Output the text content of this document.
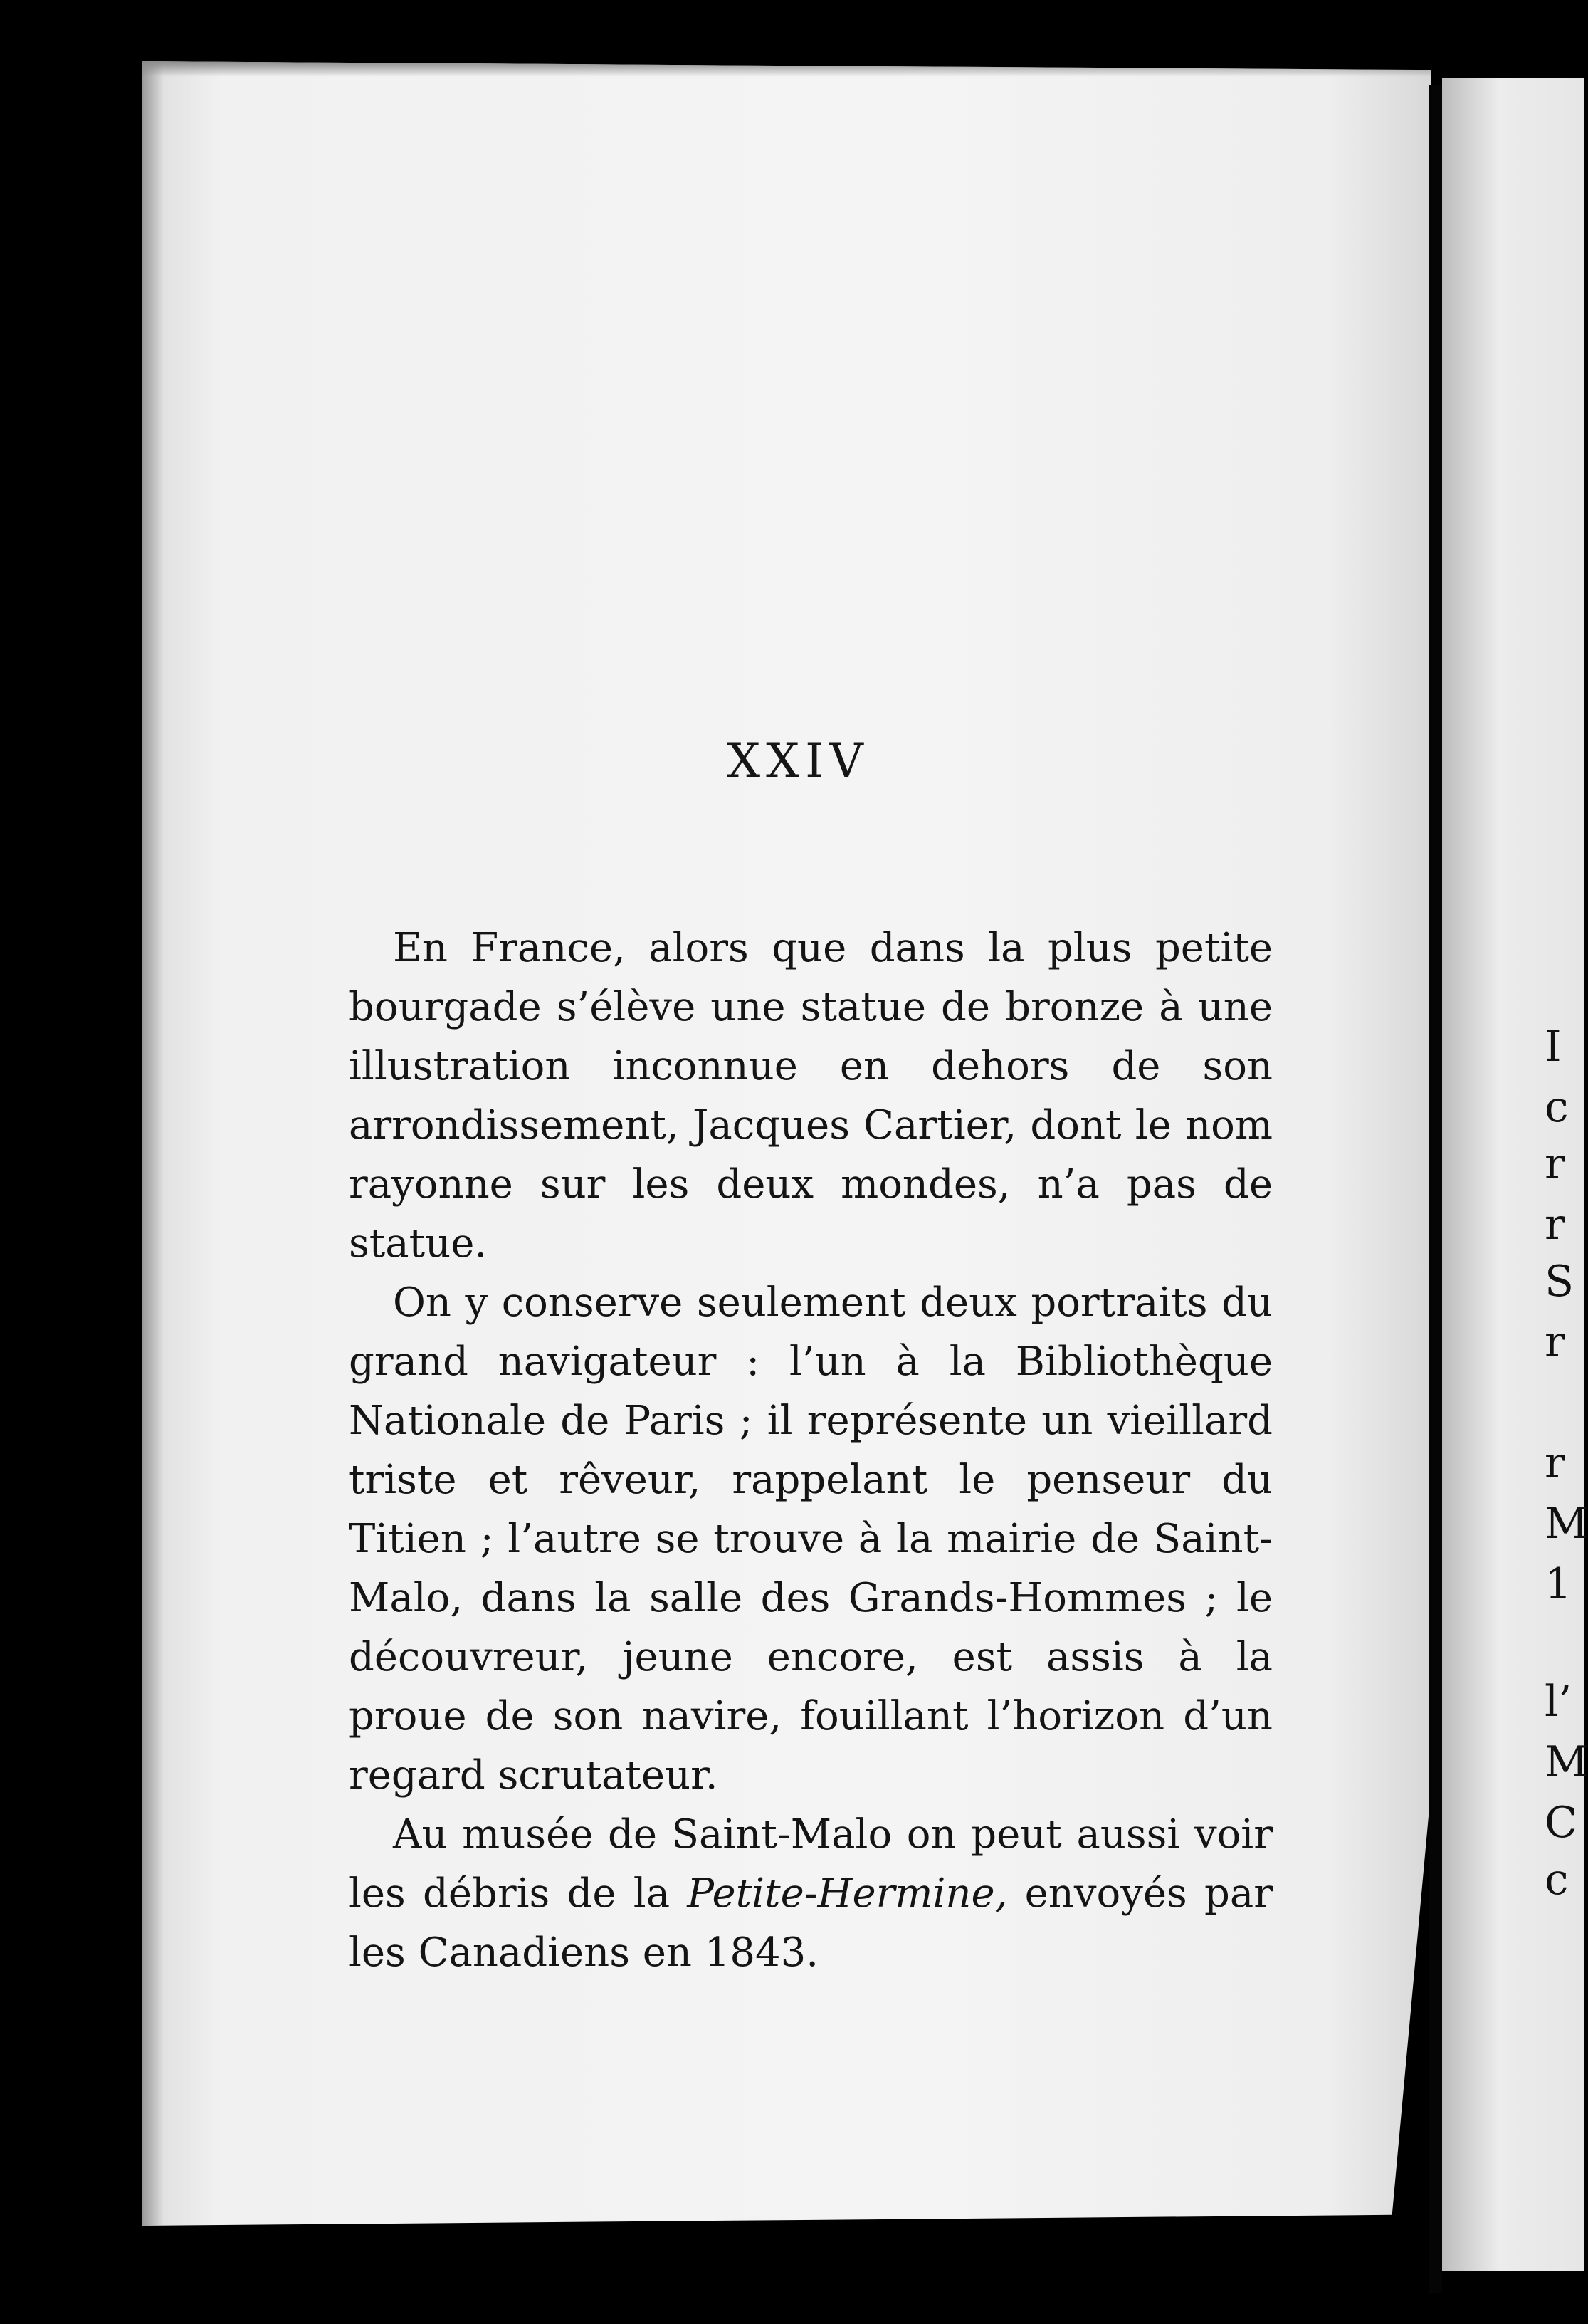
I
c
r
r
S
r
r
M
1
l’
M
C
c
XXIV

En France, alors que dans la plus petite bourgade s’élève une statue de bronze à une illustration inconnue en dehors de son arrondissement, Jacques Cartier, dont le nom rayonne sur les deux mondes, n’a pas de statue.

On y conserve seulement deux portraits du grand navigateur : l’un à la Bibliothèque Nationale de Paris ; il représente un vieillard triste et rêveur, rappelant le penseur du Titien ; l’autre se trouve à la mairie de Saint- Malo, dans la salle des Grands-Hommes ; le découvreur, jeune encore, est assis à la proue de son navire, fouillant l’horizon d’un regard scrutateur.

Au musée de Saint-Malo on peut aussi voir les débris de la Petite-Hermine, envoyés par les Canadiens en 1843.
